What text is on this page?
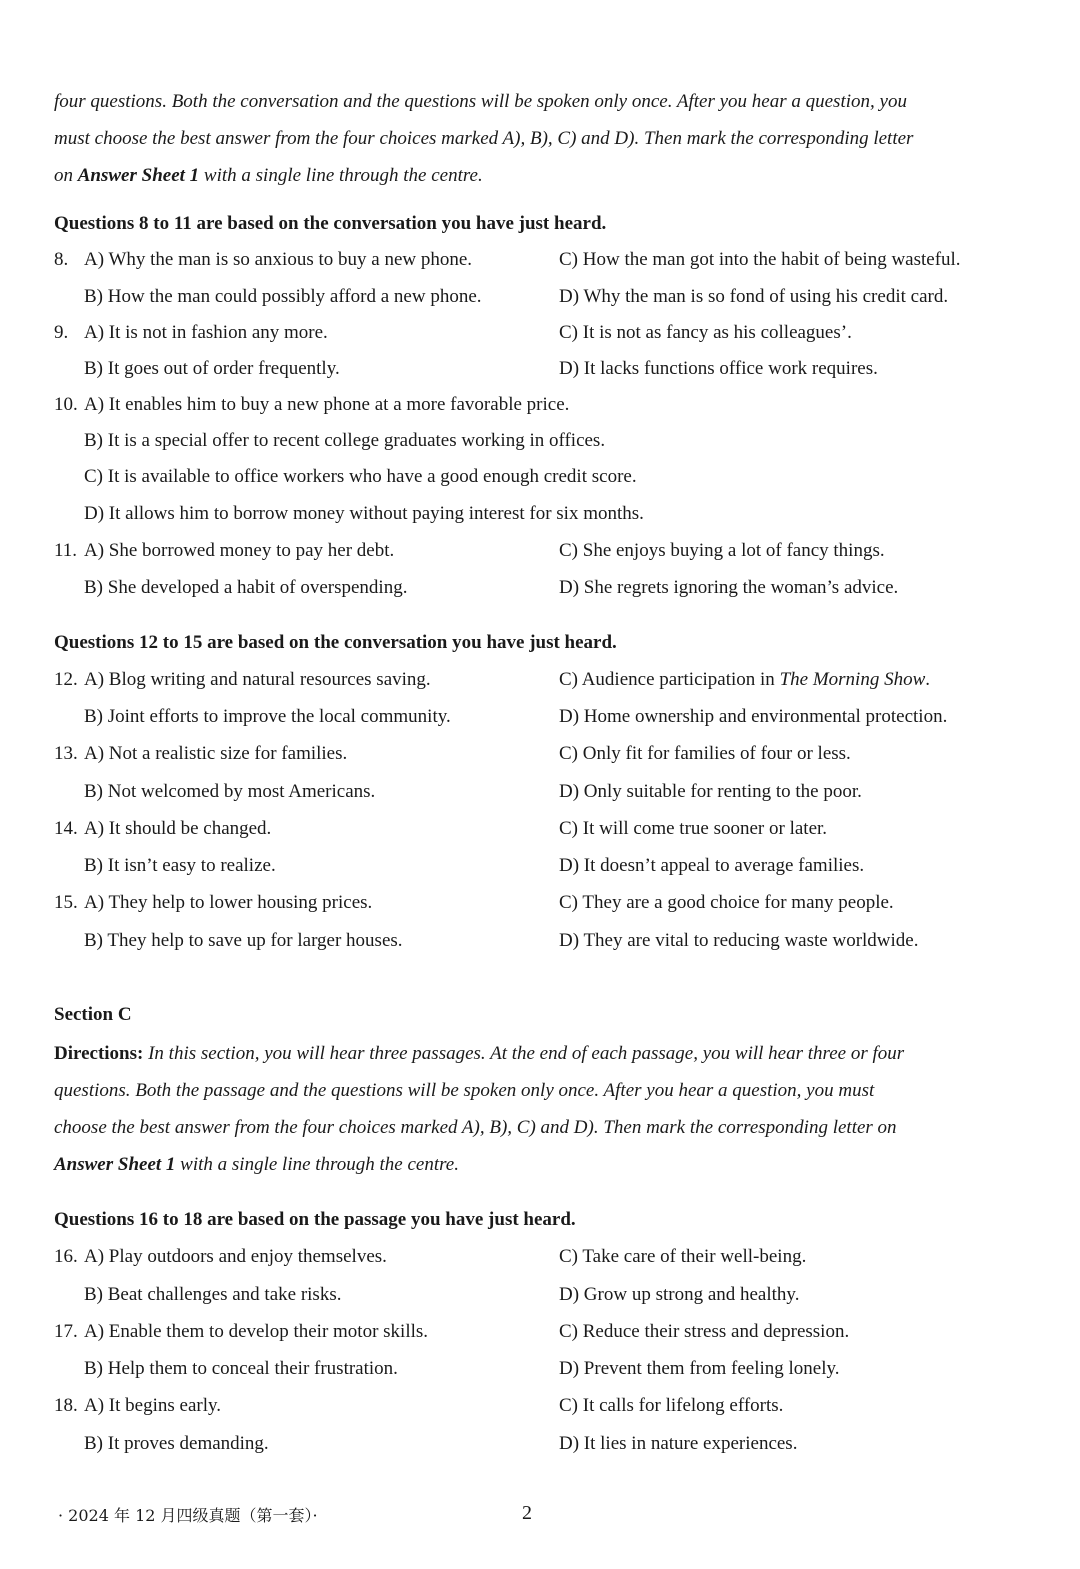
four questions. Both the conversation and the questions will be spoken only once. After you hear a question, you
must choose the best answer from the four choices marked A), B), C) and D). Then mark the corresponding letter
on Answer Sheet 1 with a single line through the centre.
Questions 8 to 11 are based on the conversation you have just heard.
8. A) Why the man is so anxious to buy a new phone.	C) How the man got into the habit of being wasteful.
B) How the man could possibly afford a new phone.	D) Why the man is so fond of using his credit card.
9. A) It is not in fashion any more.	C) It is not as fancy as his colleagues’.
B) It goes out of order frequently.	D) It lacks functions office work requires.
10. A) It enables him to buy a new phone at a more favorable price.
B) It is a special offer to recent college graduates working in offices.
C) It is available to office workers who have a good enough credit score.
D) It allows him to borrow money without paying interest for six months.
11. A) She borrowed money to pay her debt.	C) She enjoys buying a lot of fancy things.
B) She developed a habit of overspending.	D) She regrets ignoring the woman’s advice.
Questions 12 to 15 are based on the conversation you have just heard.
12. A) Blog writing and natural resources saving.	C) Audience participation in The Morning Show.
B) Joint efforts to improve the local community.	D) Home ownership and environmental protection.
13. A) Not a realistic size for families.	C) Only fit for families of four or less.
B) Not welcomed by most Americans.	D) Only suitable for renting to the poor.
14. A) It should be changed.	C) It will come true sooner or later.
B) It isn’t easy to realize.	D) It doesn’t appeal to average families.
15. A) They help to lower housing prices.	C) They are a good choice for many people.
B) They help to save up for larger houses.	D) They are vital to reducing waste worldwide.
Section C
Directions: In this section, you will hear three passages. At the end of each passage, you will hear three or four
questions. Both the passage and the questions will be spoken only once. After you hear a question, you must
choose the best answer from the four choices marked A), B), C) and D). Then mark the corresponding letter on
Answer Sheet 1 with a single line through the centre.
Questions 16 to 18 are based on the passage you have just heard.
16. A) Play outdoors and enjoy themselves.	C) Take care of their well-being.
B) Beat challenges and take risks.	D) Grow up strong and healthy.
17. A) Enable them to develop their motor skills.	C) Reduce their stress and depression.
B) Help them to conceal their frustration.	D) Prevent them from feeling lonely.
18. A) It begins early.	C) It calls for lifelong efforts.
B) It proves demanding.	D) It lies in nature experiences.
· 2024 年 12 月四级真题（第一套）·	2
